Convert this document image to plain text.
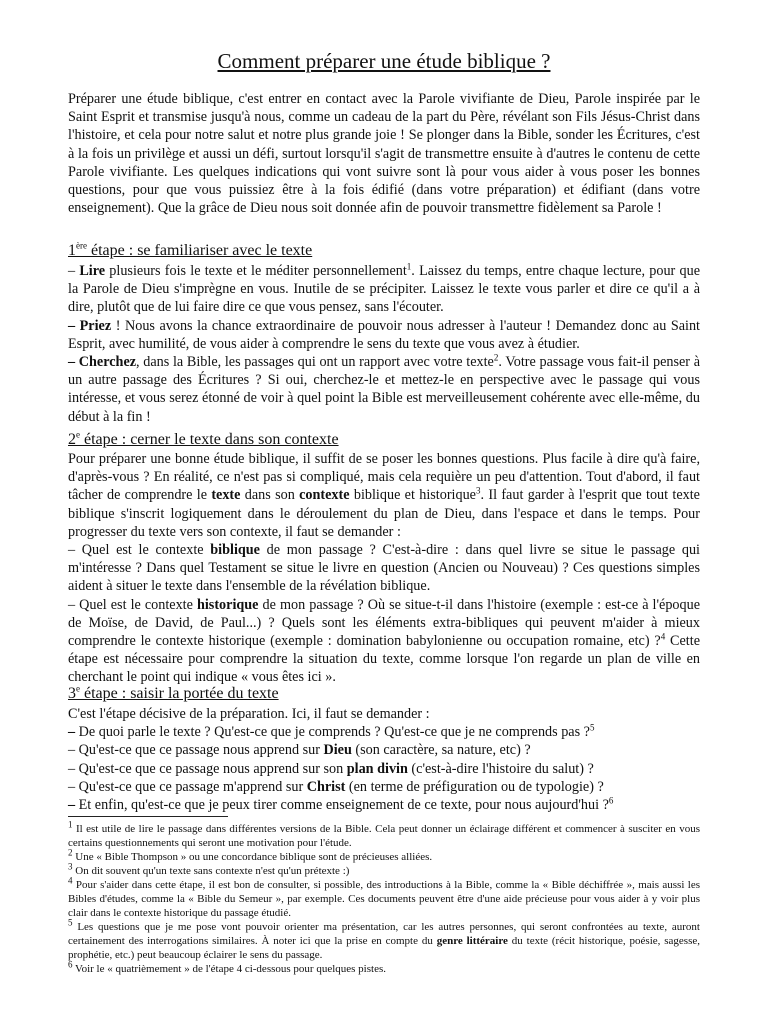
Comment préparer une étude biblique ?

Préparer une étude biblique, c'est entrer en contact avec la Parole vivifiante de Dieu, Parole inspirée par le Saint Esprit et transmise jusqu'à nous, comme un cadeau de la part du Père, révélant son Fils Jésus-Christ dans l'histoire, et cela pour notre salut et notre plus grande joie ! Se plonger dans la Bible, sonder les Écritures, c'est à la fois un privilège et aussi un défi, surtout lorsqu'il s'agit de transmettre ensuite à d'autres le contenu de cette Parole vivifiante. Les quelques indications qui vont suivre sont là pour vous aider à vous poser les bonnes questions, pour que vous puissiez être à la fois édifié (dans votre préparation) et édifiant (dans votre enseignement). Que la grâce de Dieu nous soit donnée afin de pouvoir transmettre fidèlement sa Parole !

1ère étape : se familiariser avec le texte

– Lire plusieurs fois le texte et le méditer personnellement$^1$. Laissez du temps, entre chaque lecture, pour que la Parole de Dieu s'imprègne en vous. Inutile de se précipiter. Laissez le texte vous parler et dire ce qu'il a à dire, plutôt que de lui faire dire ce que vous pensez, sans l'écouter.

– Priez ! Nous avons la chance extraordinaire de pouvoir nous adresser à l'auteur ! Demandez donc au Saint Esprit, avec humilité, de vous aider à comprendre le sens du texte que vous avez à étudier.

– Cherchez, dans la Bible, les passages qui ont un rapport avec votre texte$^2$. Votre passage vous fait-il penser à un autre passage des Écritures ? Si oui, cherchez-le et mettez-le en perspective avec le passage qui vous intéresse, et vous serez étonné de voir à quel point la Bible est merveilleusement cohérente avec elle-même, du début à la fin !

2e étape : cerner le texte dans son contexte

Pour préparer une bonne étude biblique, il suffit de se poser les bonnes questions. Plus facile à dire qu'à faire, d'après-vous ? En réalité, ce n'est pas si compliqué, mais cela requière un peu d'attention. Tout d'abord, il faut tâcher de comprendre le texte dans son contexte biblique et historique$^3$. Il faut garder à l'esprit que tout texte biblique s'inscrit logiquement dans le déroulement du plan de Dieu, dans l'espace et dans le temps. Pour progresser du texte vers son contexte, il faut se demander :

– Quel est le contexte biblique de mon passage ? C'est-à-dire : dans quel livre se situe le passage qui m'intéresse ? Dans quel Testament se situe le livre en question (Ancien ou Nouveau) ? Ces questions simples aident à situer le texte dans l'ensemble de la révélation biblique.

– Quel est le contexte historique de mon passage ? Où se situe-t-il dans l'histoire (exemple : est-ce à l'époque de Moïse, de David, de Paul...) ? Quels sont les éléments extra-bibliques qui peuvent m'aider à mieux comprendre le contexte historique (exemple : domination babylonienne ou occupation romaine, etc) ?$^4$ Cette étape est nécessaire pour comprendre la situation du texte, comme lorsque l'on regarde un plan de ville en cherchant le point qui indique « vous êtes ici ».

3e étape : saisir la portée du texte

C'est l'étape décisive de la préparation. Ici, il faut se demander :

– De quoi parle le texte ? Qu'est-ce que je comprends ? Qu'est-ce que je ne comprends pas ?$^5$

– Qu'est-ce que ce passage nous apprend sur Dieu (son caractère, sa nature, etc) ?

– Qu'est-ce que ce passage nous apprend sur son plan divin (c'est-à-dire l'histoire du salut) ?

– Qu'est-ce que ce passage m'apprend sur Christ (en terme de préfiguration ou de typologie) ?

– Et enfin, qu'est-ce que je peux tirer comme enseignement de ce texte, pour nous aujourd'hui ?$^6$

$^1$ Il est utile de lire le passage dans différentes versions de la Bible. Cela peut donner un éclairage différent et commencer à susciter en vous certains questionnements qui seront une motivation pour l'étude.

$^2$ Une « Bible Thompson » ou une concordance biblique sont de précieuses alliées.

$^3$ On dit souvent qu'un texte sans contexte n'est qu'un prétexte :)

$^4$ Pour s'aider dans cette étape, il est bon de consulter, si possible, des introductions à la Bible, comme la « Bible déchiffrée », mais aussi les Bibles d'études, comme la « Bible du Semeur », par exemple. Ces documents peuvent être d'une aide précieuse pour vous aider à y voir plus clair dans le contexte historique du passage étudié.

$^5$ Les questions que je me pose vont pouvoir orienter ma présentation, car les autres personnes, qui seront confrontées au texte, auront certainement des interrogations similaires. À noter ici que la prise en compte du genre littéraire du texte (récit historique, poésie, sagesse, prophétie, etc.) peut beaucoup éclairer le sens du passage.

$^6$ Voir le « quatrièmement » de l'étape 4 ci-dessous pour quelques pistes.
